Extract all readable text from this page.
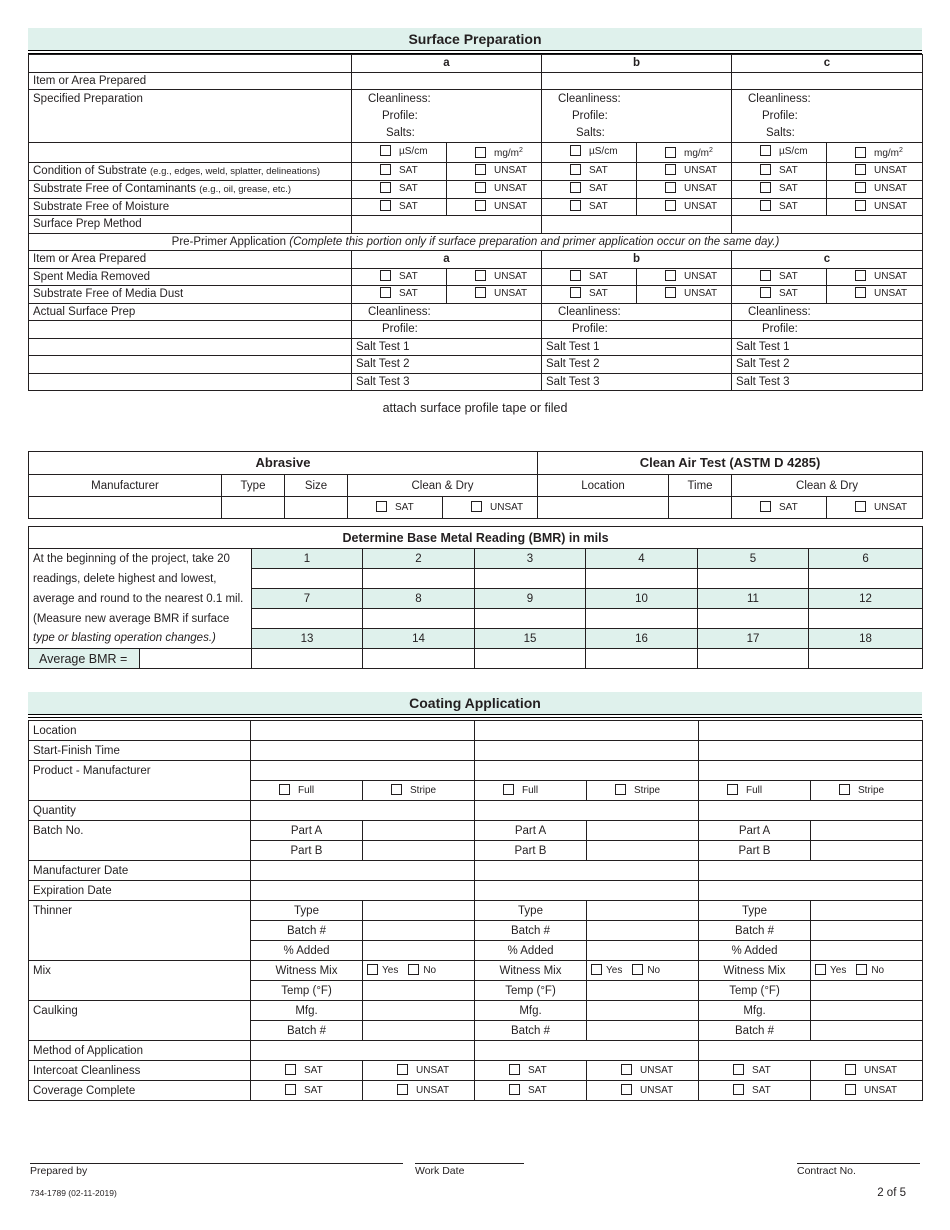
Surface Preparation
	a		b		c	
Item or Area Prepared						
Specified Preparation	Cleanliness:		Cleanliness:		Cleanliness:	
	Profile:		Profile:		Profile:	
	Salts:		Salts:		Salts:	
	µS/cm	$mg/m^2$	µS/cm	$mg/m^2$	µS/cm	$mg/m^2$
Condition of Substrate (e.g., edges, weld, splatter, delineations)	SAT	UNSAT	SAT	UNSAT	SAT	UNSAT
Substrate Free of Contaminants (e.g., oil, grease, etc.)	SAT	UNSAT	SAT	UNSAT	SAT	UNSAT
Substrate Free of Moisture	SAT	UNSAT	SAT	UNSAT	SAT	UNSAT
Surface Prep Method						
Pre-Primer Application (Complete this portion only if surface preparation and primer application occur on the same day.)						
Item or Area Prepared	a		b		c	
Spent Media Removed	SAT	UNSAT	SAT	UNSAT	SAT	UNSAT
Substrate Free of Media Dust	SAT	UNSAT	SAT	UNSAT	SAT	UNSAT
Actual Surface Prep	Cleanliness:		Cleanliness:		Cleanliness:	
	Profile:		Profile:		Profile:	
	Salt Test 1		Salt Test 1		Salt Test 1	
	Salt Test 2		Salt Test 2		Salt Test 2	
	Salt Test 3		Salt Test 3		Salt Test 3	
attach surface profile tape or filed
Abrasive					Clean Air Test (ASTM D 4285)			
Manufacturer	Type	Size	Clean & Dry		Location	Time	Clean & Dry	
			SAT	UNSAT			SAT	UNSAT
Determine Base Metal Reading (BMR) in mils							
At the beginning of the project, take 20		1	2	3	4	5	6
readings, delete highest and lowest,							
average and round to the nearest 0.1 mil.		7	8	9	10	11	12
(Measure new average BMR if surface							
type or blasting operation changes.)		13	14	15	16	17	18
Average BMR =							
Coating Application
Location						
Start-Finish Time						
Product - Manufacturer						
	Full	Stripe	Full	Stripe	Full	Stripe
Quantity						
Batch No.	Part A		Part A		Part A	
	Part B		Part B		Part B	
Manufacturer Date						
Expiration Date						
Thinner	Type		Type		Type	
	Batch #		Batch #		Batch #	
	% Added		% Added		% Added	
Mix	Witness Mix	Yes No	Witness Mix	Yes No	Witness Mix	Yes No
	Temp (°F)		Temp (°F)		Temp (°F)	
Caulking	Mfg.		Mfg.		Mfg.	
	Batch #		Batch #		Batch #	
Method of Application						
Intercoat Cleanliness	SAT	UNSAT	SAT	UNSAT	SAT	UNSAT
Coverage Complete	SAT	UNSAT	SAT	UNSAT	SAT	UNSAT
Prepared by	Work Date	Contract No.
734-1789 (02-11-2019)	2 of 5
